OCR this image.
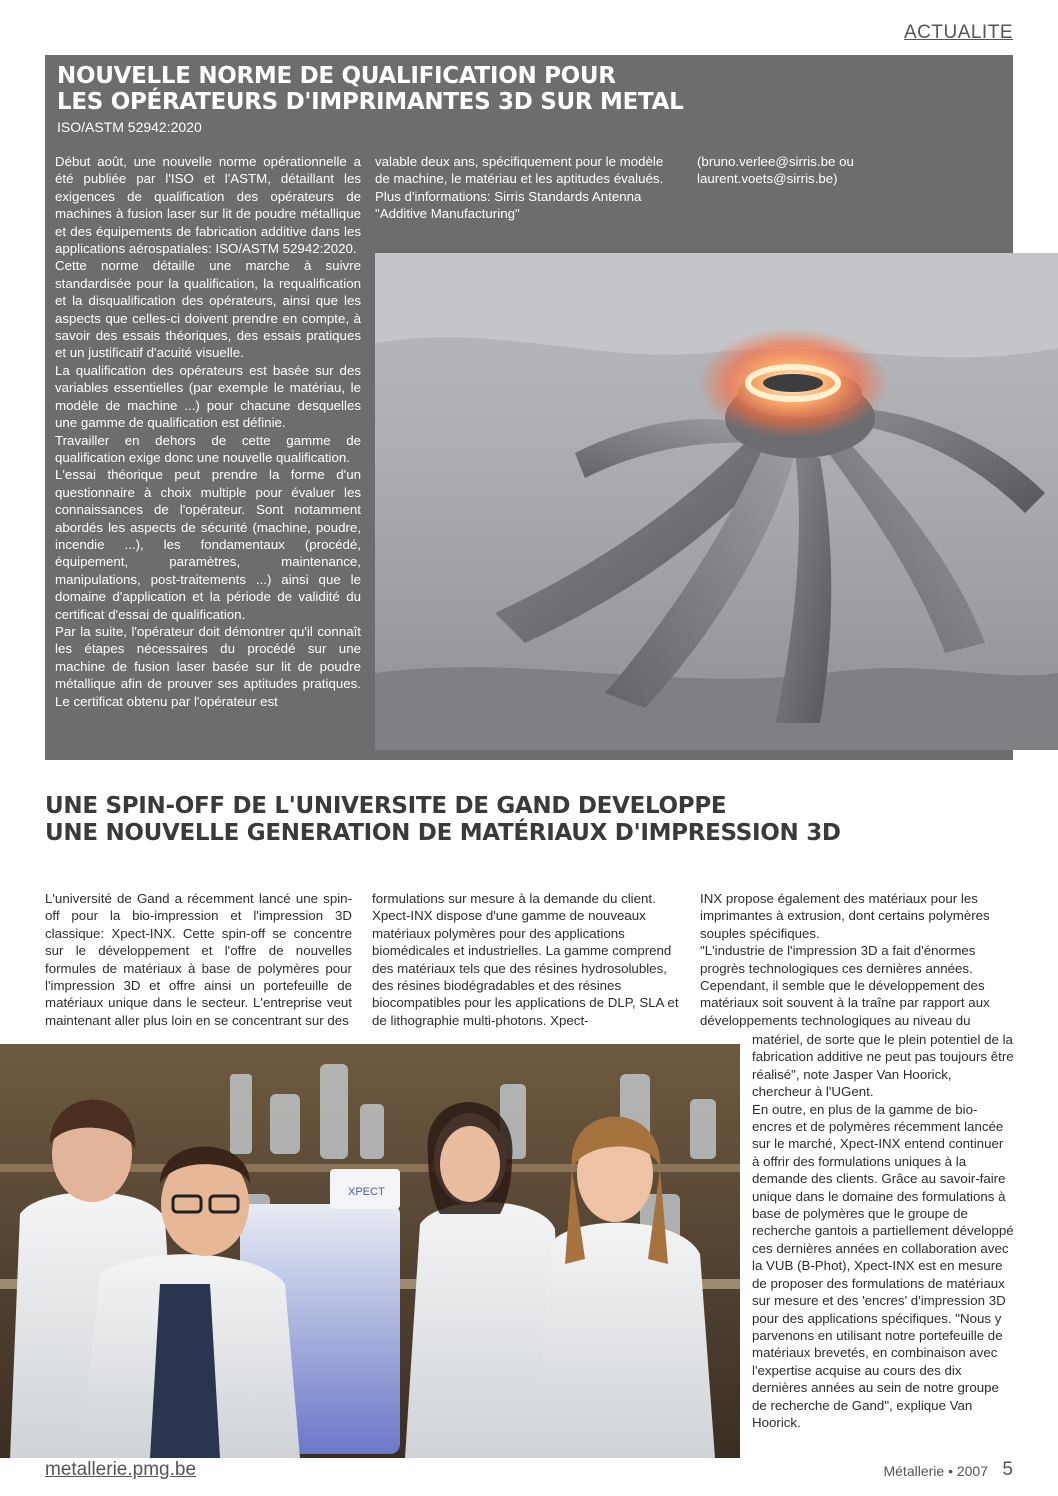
ACTUALITE
NOUVELLE NORME DE QUALIFICATION POUR
LES OPÉRATEURS D'IMPRIMANTES 3D SUR METAL
ISO/ASTM 52942:2020

Début août, une nouvelle norme opérationnelle a été publiée par l'ISO et l'ASTM, détaillant les exigences de qualification des opérateurs de machines à fusion laser sur lit de poudre métallique et des équipements de fabrication additive dans les applications aérospatiales: ISO/ASTM 52942:2020.

Cette norme détaille une marche à suivre standardisée pour la qualification, la requalification et la disqualification des opérateurs, ainsi que les aspects que celles-ci doivent prendre en compte, à savoir des essais théoriques, des essais pratiques et un justificatif d'acuité visuelle.

La qualification des opérateurs est basée sur des variables essentielles (par exemple le matériau, le modèle de machine ...) pour chacune desquelles une gamme de qualification est définie.

Travailler en dehors de cette gamme de qualification exige donc une nouvelle qualification.

L'essai théorique peut prendre la forme d'un questionnaire à choix multiple pour évaluer les connaissances de l'opérateur. Sont notamment abordés les aspects de sécurité (machine, poudre, incendie ...), les fondamentaux (procédé, équipement, paramètres, maintenance, manipulations, post-traitements ...) ainsi que le domaine d'application et la période de validité du certificat d'essai de qualification.

Par la suite, l'opérateur doit démontrer qu'il connaît les étapes nécessaires du procédé sur une machine de fusion laser basée sur lit de poudre métallique afin de prouver ses aptitudes pratiques. Le certificat obtenu par l'opérateur est

valable deux ans, spécifiquement pour le modèle de machine, le matériau et les aptitudes évalués.

Plus d'informations: Sirris Standards Antenna "Additive Manufacturing"

(bruno.verlee@sirris.be ou laurent.voets@sirris.be)

UNE SPIN-OFF DE L'UNIVERSITE DE GAND DEVELOPPE
UNE NOUVELLE GENERATION DE MATÉRIAUX D'IMPRESSION 3D

L'université de Gand a récemment lancé une spin-off pour la bio-impression et l'impression 3D classique: Xpect-INX. Cette spin-off se concentre sur le développement et l'offre de nouvelles formules de matériaux à base de polymères pour l'impression 3D et offre ainsi un portefeuille de matériaux unique dans le secteur. L'entreprise veut maintenant aller plus loin en se concentrant sur des

formulations sur mesure à la demande du client. Xpect-INX dispose d'une gamme de nouveaux matériaux polymères pour des applications biomédicales et industrielles. La gamme comprend des matériaux tels que des résines hydrosolubles, des résines biodégradables et des résines biocompatibles pour les applications de DLP, SLA et de lithographie multi-photons. Xpect-

INX propose également des matériaux pour les imprimantes à extrusion, dont certains polymères souples spécifiques.

"L'industrie de l'impression 3D a fait d'énormes progrès technologiques ces dernières années. Cependant, il semble que le développement des matériaux soit souvent à la traîne par rapport aux développements technologiques au niveau du

matériel, de sorte que le plein potentiel de la fabrication additive ne peut pas toujours être réalisé", note Jasper Van Hoorick, chercheur à l'UGent.

En outre, en plus de la gamme de bio-encres et de polymères récemment lancée sur le marché, Xpect-INX entend continuer à offrir des formulations uniques à la demande des clients. Grâce au savoir-faire unique dans le domaine des formulations à base de polymères que le groupe de recherche gantois a partiellement développé ces dernières années en collaboration avec la VUB (B-Phot), Xpect-INX est en mesure de proposer des formulations de matériaux sur mesure et des 'encres' d'impression 3D pour des applications spécifiques. "Nous y parvenons en utilisant notre portefeuille de matériaux brevetés, en combinaison avec l'expertise acquise au cours des dix dernières années au sein de notre groupe de recherche de Gand", explique Van Hoorick.

XPECT
metallerie.pmg.be	Métallerie • 2007 5
